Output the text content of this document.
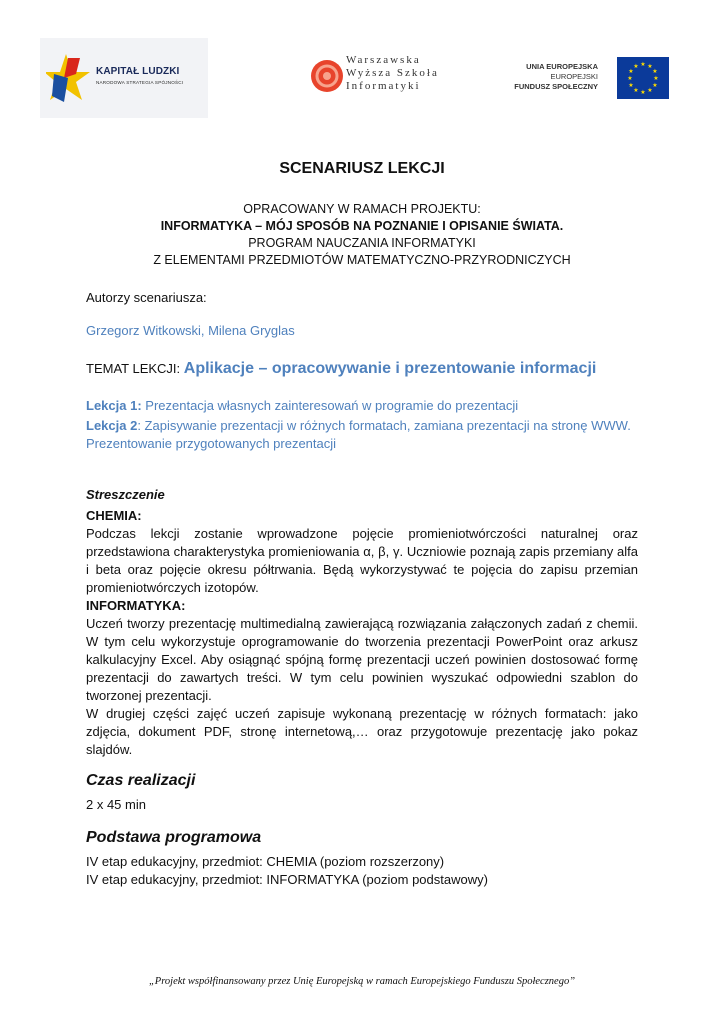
KAPITAŁ LUDZKI
NARODOWA STRATEGIA SPÓJNOŚCI
Warszawska
Wyższa Szkoła
Informatyki
UNIA EUROPEJSKA
EUROPEJSKI
FUNDUSZ SPOŁECZNY
★ ★
★
★
★
★
★
★
★
★
★
★
SCENARIUSZ LEKCJI
OPRACOWANY W RAMACH PROJEKTU:
INFORMATYKA – MÓJ SPOSÓB NA POZNANIE I OPISANIE ŚWIATA.
PROGRAM NAUCZANIA INFORMATYKI
Z ELEMENTAMI PRZEDMIOTÓW MATEMATYCZNO-PRZYRODNICZYCH
Autorzy scenariusza:
Grzegorz Witkowski, Milena Gryglas
TEMAT LEKCJI: Aplikacje – opracowywanie i prezentowanie informacji
Lekcja 1: Prezentacja własnych zainteresowań w programie do prezentacji
Lekcja 2: Zapisywanie prezentacji w różnych formatach, zamiana prezentacji na stronę WWW. Prezentowanie przygotowanych prezentacji
Streszczenie
CHEMIA:
Podczas lekcji zostanie wprowadzone pojęcie promieniotwórczości naturalnej oraz przedstawiona charakterystyka promieniowania α, β, γ. Uczniowie poznają zapis przemiany alfa i beta oraz pojęcie okresu półtrwania. Będą wykorzystywać te pojęcia do zapisu przemian promieniotwórczych izotopów.
INFORMATYKA:
Uczeń tworzy prezentację multimedialną zawierającą rozwiązania załączonych zadań z chemii. W tym celu wykorzystuje oprogramowanie do tworzenia prezentacji PowerPoint oraz arkusz kalkulacyjny Excel. Aby osiągnąć spójną formę prezentacji uczeń powinien dostosować formę prezentacji do zawartych treści. W tym celu powinien wyszukać odpowiedni szablon do tworzonej prezentacji.
W drugiej części zajęć uczeń zapisuje wykonaną prezentację w różnych formatach: jako zdjęcia, dokument PDF, stronę internetową,… oraz przygotowuje prezentację jako pokaz slajdów.
Czas realizacji
2 x 45 min
Podstawa programowa
IV etap edukacyjny, przedmiot: CHEMIA (poziom rozszerzony)
IV etap edukacyjny, przedmiot: INFORMATYKA (poziom podstawowy)
„Projekt współfinansowany przez Unię Europejską w ramach Europejskiego Funduszu Społecznego”
